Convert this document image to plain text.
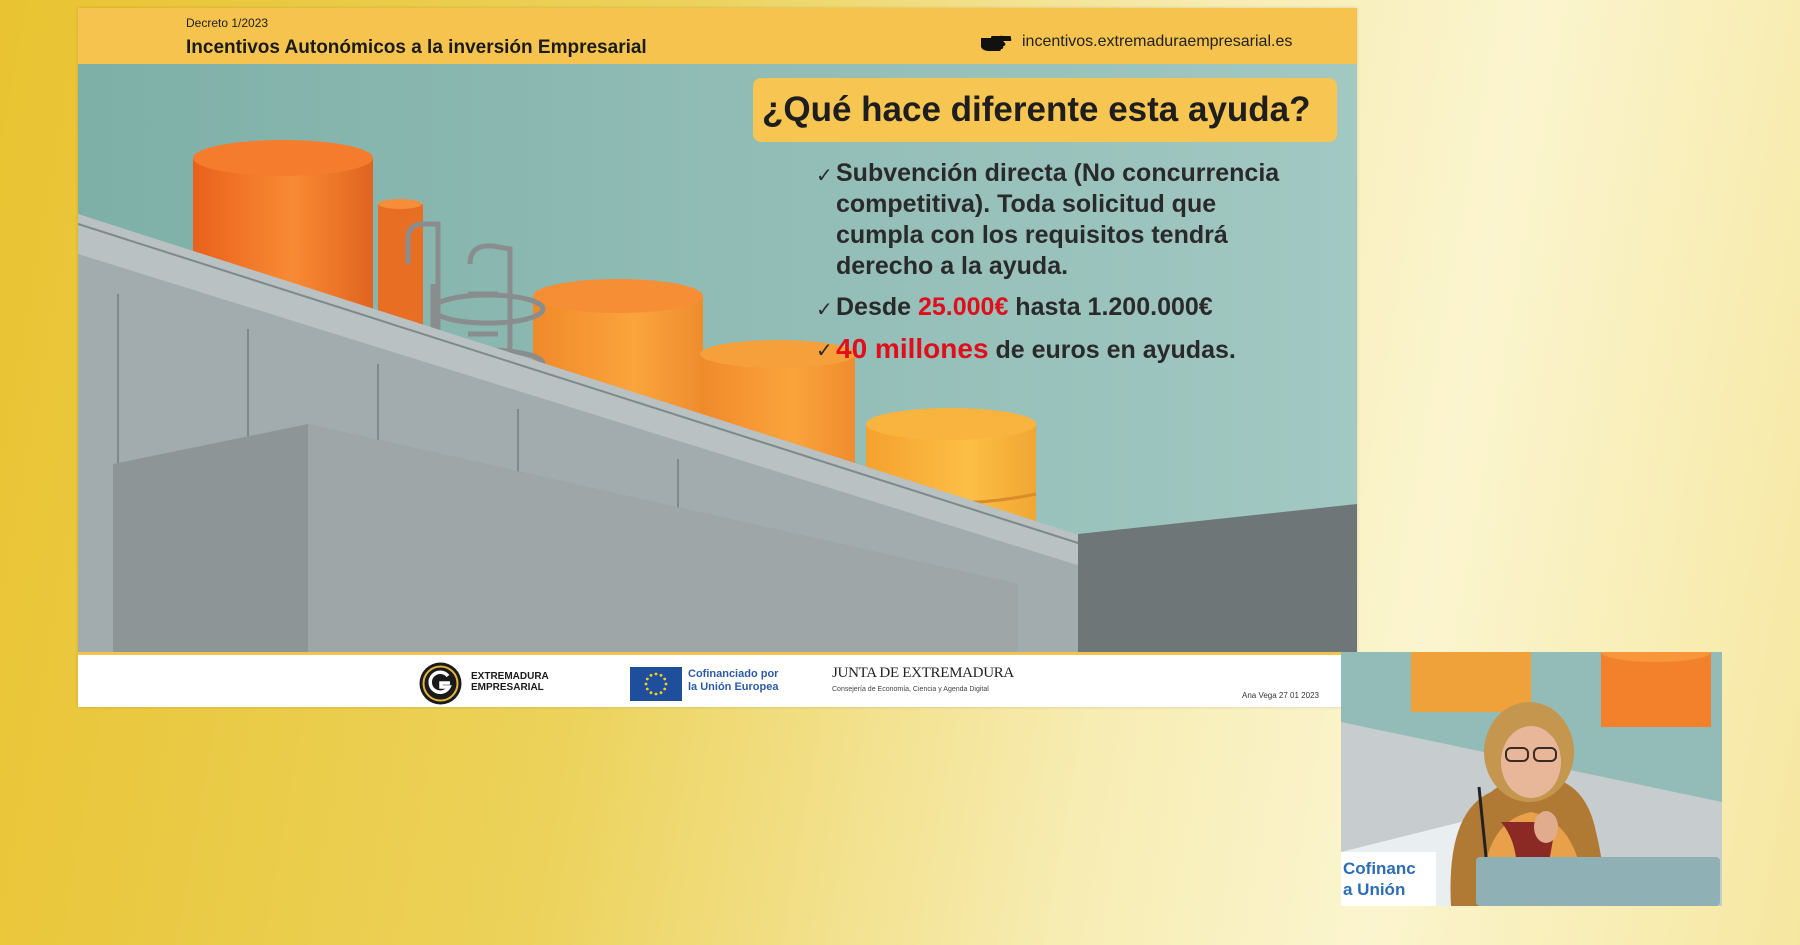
Decreto 1/2023
Incentivos Autonómicos a la inversión Empresarial	incentivos.extremaduraempresarial.es
¿Qué hace diferente esta ayuda?
✓ Subvención directa (No concurrencia competitiva). Toda solicitud que cumpla con los requisitos tendrá derecho a la ayuda.
✓ Desde 25.000€ hasta 1.200.000€
✓ 40 millones de euros en ayudas.
EXTREMADURA
EMPRESARIAL
Cofinanciado por
la Unión Europea
JUNTA DE EXTREMADURA
Consejería de Economía, Ciencia y Agenda Digital
Ana Vega 27 01 2023
Cofinanc
a Unión
